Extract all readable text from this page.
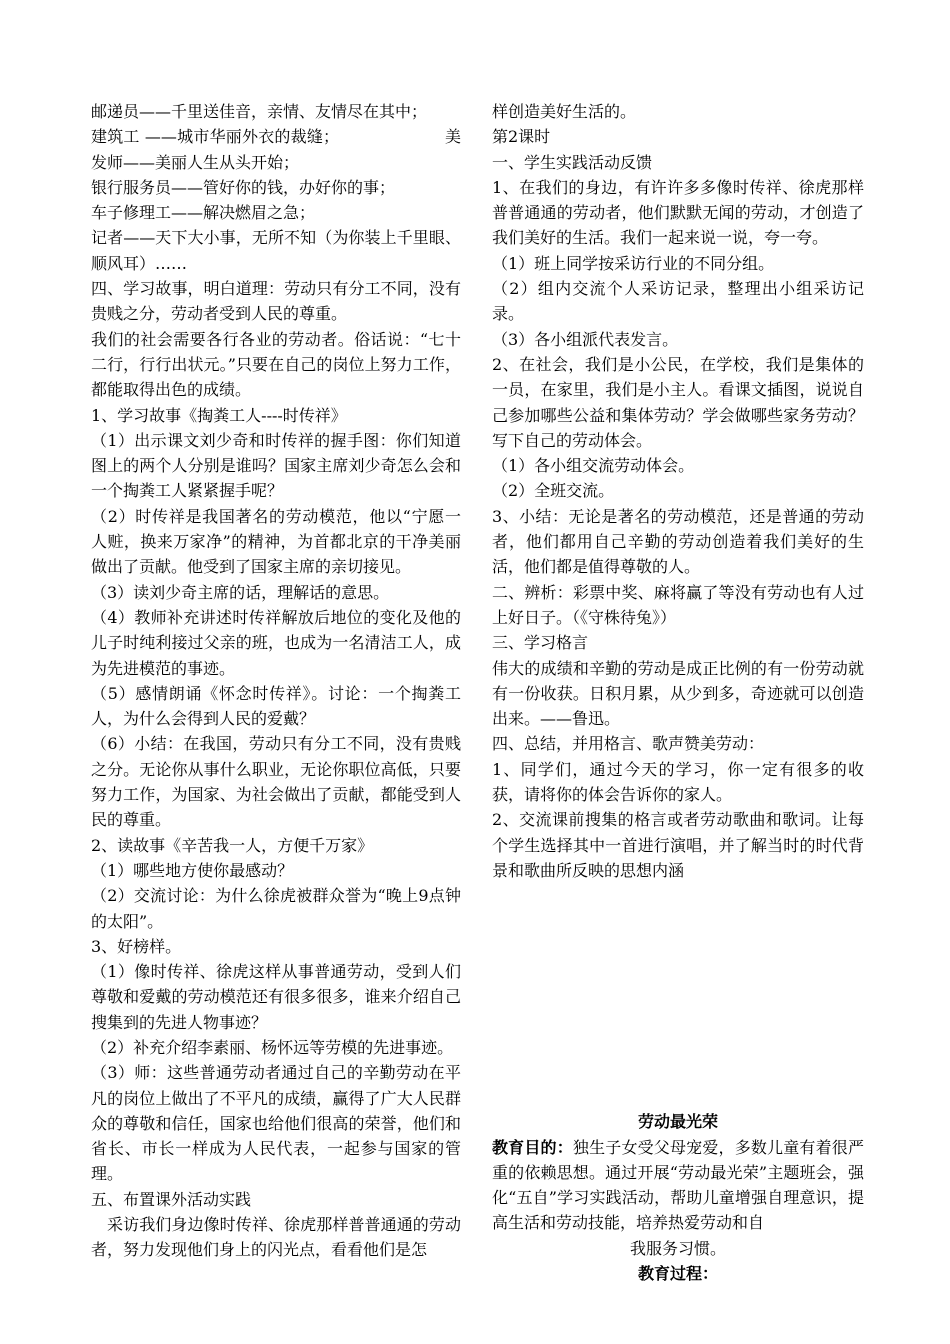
邮递员——千里送佳音，亲情、友情尽在其中；

建筑工 ——城市华丽外衣的裁缝；                    美发师——美丽人生从头开始；

银行服务员——管好你的钱，办好你的事；

车子修理工——解决燃眉之急；

记者——天下大小事，无所不知（为你装上千里眼、顺风耳）……

四、学习故事，明白道理：劳动只有分工不同，没有贵贱之分，劳动者受到人民的尊重。

我们的社会需要各行各业的劳动者。俗话说：“七十二行，行行出状元。”只要在自己的岗位上努力工作，都能取得出色的成绩。

1、学习故事《掏粪工人----时传祥》

（1）出示课文刘少奇和时传祥的握手图：你们知道图上的两个人分别是谁吗？国家主席刘少奇怎么会和一个掏粪工人紧紧握手呢？

（2）时传祥是我国著名的劳动模范，他以“宁愿一人赃，换来万家净”的精神，为首都北京的干净美丽做出了贡献。他受到了国家主席的亲切接见。

（3）读刘少奇主席的话，理解话的意思。

（4）教师补充讲述时传祥解放后地位的变化及他的儿子时纯利接过父亲的班，也成为一名清洁工人，成为先进模范的事迹。

（5）感情朗诵《怀念时传祥》。讨论：一个掏粪工人，为什么会得到人民的爱戴？

（6）小结：在我国，劳动只有分工不同，没有贵贱之分。无论你从事什么职业，无论你职位高低，只要努力工作，为国家、为社会做出了贡献，都能受到人民的尊重。

2、读故事《辛苦我一人，方便千万家》

（1）哪些地方使你最感动？

（2）交流讨论：为什么徐虎被群众誉为“晚上9点钟的太阳”。

3、好榜样。

（1）像时传祥、徐虎这样从事普通劳动，受到人们尊敬和爱戴的劳动模范还有很多很多，谁来介绍自己搜集到的先进人物事迹？

（2）补充介绍李素丽、杨怀远等劳模的先进事迹。

（3）师：这些普通劳动者通过自己的辛勤劳动在平凡的岗位上做出了不平凡的成绩，赢得了广大人民群众的尊敬和信任，国家也给他们很高的荣誉，他们和省长、市长一样成为人民代表，一起参与国家的管理。

五、布置课外活动实践

采访我们身边像时传祥、徐虎那样普普通通的劳动者，努力发现他们身上的闪光点，看看他们是怎

样创造美好生活的。

第2课时

一、学生实践活动反馈

1、在我们的身边，有许许多多像时传祥、徐虎那样普普通通的劳动者，他们默默无闻的劳动，才创造了我们美好的生活。我们一起来说一说，夸一夸。

（1）班上同学按采访行业的不同分组。

（2）组内交流个人采访记录，整理出小组采访记录。

（3）各小组派代表发言。

2、在社会，我们是小公民，在学校，我们是集体的一员，在家里，我们是小主人。看课文插图，说说自己参加哪些公益和集体劳动？学会做哪些家务劳动？写下自己的劳动体会。

（1）各小组交流劳动体会。

（2）全班交流。

3、小结：无论是著名的劳动模范，还是普通的劳动者，他们都用自己辛勤的劳动创造着我们美好的生活，他们都是值得尊敬的人。

二、辨析：彩票中奖、麻将赢了等没有劳动也有人过上好日子。（《守株待兔》）

三、学习格言

伟大的成绩和辛勤的劳动是成正比例的有一份劳动就有一份收获。日积月累，从少到多，奇迹就可以创造出来。——鲁迅。

四、总结，并用格言、歌声赞美劳动：

1、同学们，通过今天的学习，你一定有很多的收获，请将你的体会告诉你的家人。

2、交流课前搜集的格言或者劳动歌曲和歌词。让每个学生选择其中一首进行演唱，并了解当时的时代背景和歌曲所反映的思想内涵

劳动最光荣

教育目的：独生子女受父母宠爱，多数儿童有着很严重的依赖思想。通过开展“劳动最光荣”主题班会，强化“五自”学习实践活动，帮助儿童增强自理意识，提高生活和劳动技能，培养热爱劳动和自

我服务习惯。

教育过程：
